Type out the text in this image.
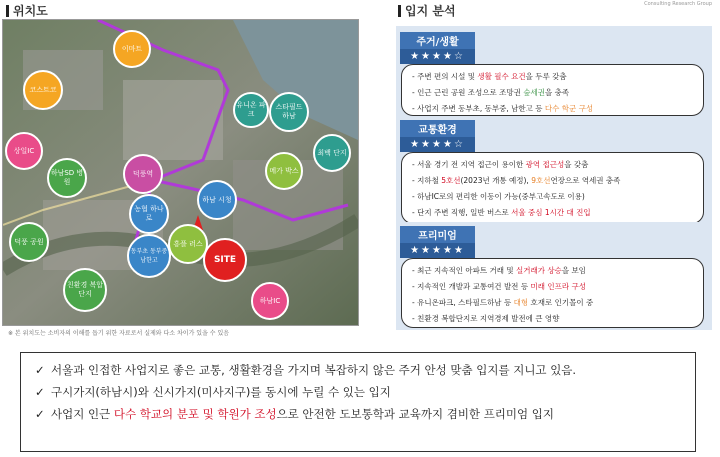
위치도	입지 분석	Consulting Research Group
이마트
코스트코
상일IC
하남SD 병원
덕풍역
유니온 파크
스타필드 하남
메가 박스
최백 단지
농협 하나로
하남 시청
덕풍 공원
동부초 동부중 남한고
흥플 러스
친환경 복합단지
하남IC
SITE
※ 본 위치도는 소비자의 이해를 돕기 위한 자료로서 실제와 다소 차이가 있을 수 있음
주거/생활
★★★★☆
- 주변 편의 시설 및 생활 필수 요건을 두루 갖춤
- 인근 근린 공원 조성으로 조망권 숲세권을 충족
- 사업지 주변 동부초, 동부중, 남한고 등 다수 학군 구성
교통환경
★★★★☆
- 서울 경기 전 지역 접근이 용이한 광역 접근성을 갖춤
- 지하철 5호선(2023년 개통 예정), 9호선연장으로 역세권 충족
- 하남IC로의 편리한 이동이 가능(중부고속도로 이용)
- 단지 주변 직행, 일반 버스로 서울 중심 1시간 대 진입
프리미엄
★★★★★
- 최근 지속적인 아파트 거래 및 실거래가 상승을 보임
- 지속적인 개발과 교통여건 발전 등 미래 인프라 구성
- 유니온파크, 스타필드하남 등 대형 호재로 인기몰이 중
- 친환경 복합단지로 지역경제 발전에 큰 영향
✓ 서울과 인접한 사업지로 좋은 교통, 생활환경을 가지며 복잡하지 않은 주거 안성 맞춤 입지를 지니고 있음.
✓ 구시가지(하남시)와 신시가지(미사지구)를 동시에 누릴 수 있는 입지
✓ 사업지 인근 다수 학교의 분포 및 학원가 조성으로 안전한 도보통학과 교육까지 겸비한 프리미엄 입지
